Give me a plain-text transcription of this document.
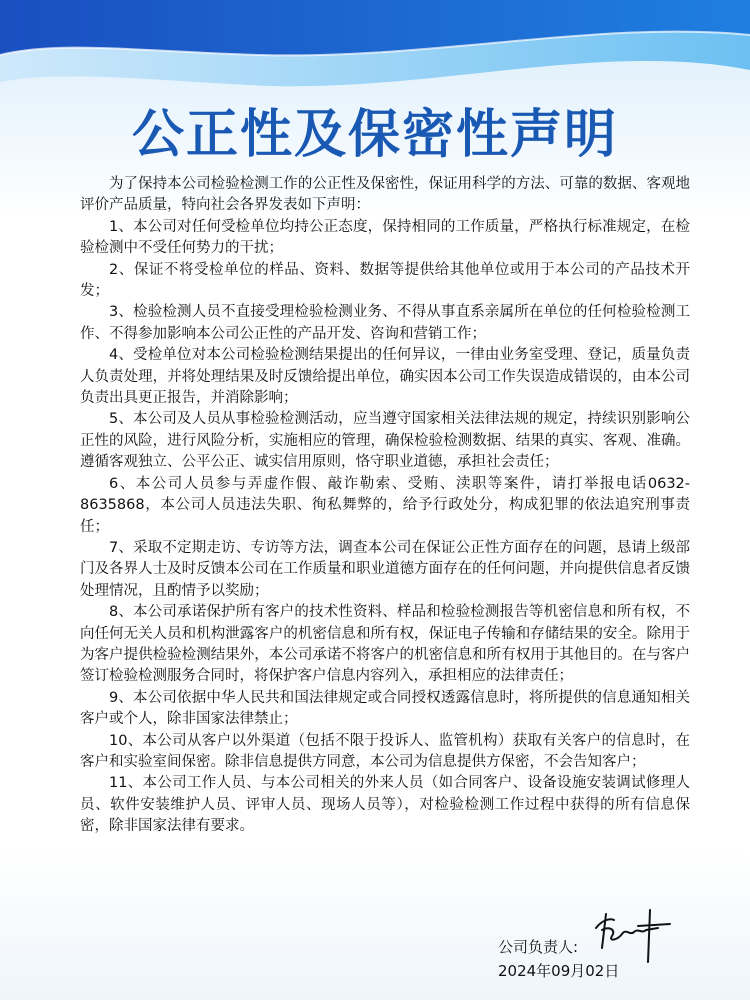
公正性及保密性声明

为了保持本公司检验检测工作的公正性及保密性，保证用科学的方法、可靠的数据、客观地评价产品质量，特向社会各界发表如下声明：

1、本公司对任何受检单位均持公正态度，保持相同的工作质量，严格执行标准规定，在检验检测中不受任何势力的干扰；

2、保证不将受检单位的样品、资料、数据等提供给其他单位或用于本公司的产品技术开发；

3、检验检测人员不直接受理检验检测业务、不得从事直系亲属所在单位的任何检验检测工作、不得参加影响本公司公正性的产品开发、咨询和营销工作；

4、受检单位对本公司检验检测结果提出的任何异议，一律由业务室受理、登记，质量负责人负责处理，并将处理结果及时反馈给提出单位，确实因本公司工作失误造成错误的，由本公司负责出具更正报告，并消除影响；

5、本公司及人员从事检验检测活动，应当遵守国家相关法律法规的规定，持续识别影响公正性的风险，进行风险分析，实施相应的管理，确保检验检测数据、结果的真实、客观、准确。遵循客观独立、公平公正、诚实信用原则，恪守职业道德，承担社会责任；

6、本公司人员参与弄虚作假、敲诈勒索、受贿、渎职等案件，请打举报电话0632-8635868，本公司人员违法失职、徇私舞弊的，给予行政处分，构成犯罪的依法追究刑事责任；

7、采取不定期走访、专访等方法，调查本公司在保证公正性方面存在的问题，恳请上级部门及各界人士及时反馈本公司在工作质量和职业道德方面存在的任何问题，并向提供信息者反馈处理情况，且酌情予以奖励；

8、本公司承诺保护所有客户的技术性资料、样品和检验检测报告等机密信息和所有权，不向任何无关人员和机构泄露客户的机密信息和所有权，保证电子传输和存储结果的安全。除用于为客户提供检验检测结果外，本公司承诺不将客户的机密信息和所有权用于其他目的。在与客户签订检验检测服务合同时，将保护客户信息内容列入，承担相应的法律责任；

9、本公司依据中华人民共和国法律规定或合同授权透露信息时，将所提供的信息通知相关客户或个人，除非国家法律禁止；

10、本公司从客户以外渠道（包括不限于投诉人、监管机构）获取有关客户的信息时，在客户和实验室间保密。除非信息提供方同意，本公司为信息提供方保密，不会告知客户；

11、本公司工作人员、与本公司相关的外来人员（如合同客户、设备设施安装调试修理人员、软件安装维护人员、评审人员、现场人员等），对检验检测工作过程中获得的所有信息保密，除非国家法律有要求。

公司负责人:
2024年09月02日
